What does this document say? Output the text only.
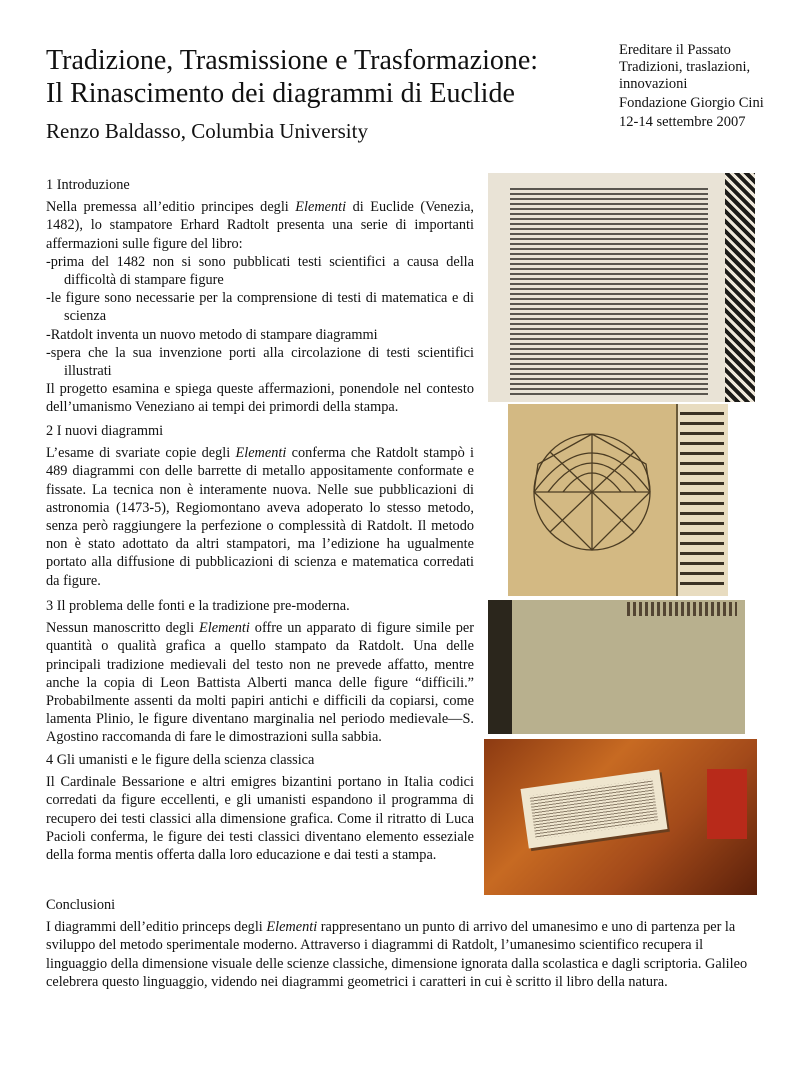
Tradizione, Trasmissione e Trasformazione:
Il Rinascimento dei diagrammi di Euclide
Renzo Baldasso, Columbia University
Ereditare il Passato
Tradizioni, traslazioni, innovazioni
Fondazione Giorgio Cini
12-14 settembre 2007
1 Introduzione

Nella premessa all’editio principes degli Elementi di Euclide (Venezia, 1482), lo stampatore Erhard Radtolt presenta una serie di importanti affermazioni sulle figure del libro:

-prima del 1482 non si sono pubblicati testi scientifici a causa della difficoltà di stampare figure
-le figure sono necessarie per la comprensione di testi di matematica e di scienza
-Ratdolt inventa un nuovo metodo di stampare diagrammi
-spera che la sua invenzione porti alla circolazione di testi scientifici illustrati

Il progetto esamina e spiega queste affermazioni, ponendole nel contesto dell’umanismo Veneziano ai tempi dei primordi della stampa.

2 I nuovi diagrammi

L’esame di svariate copie degli Elementi conferma che Ratdolt stampò i 489 diagrammi con delle barrette di metallo appositamente conformate e fissate. La tecnica non è interamente nuova. Nelle sue pubblicazioni di astronomia (1473-5), Regiomontano aveva adoperato lo stesso metodo, senza però raggiungere la perfezione o complessità di Ratdolt. Il metodo non è stato adottato da altri stampatori, ma l’edizione ha ugualmente portato alla diffusione di pubblicazioni di scienza e matematica corredati da figure.

3 Il problema delle fonti e la tradizione pre-moderna.

Nessun manoscritto degli Elementi offre un apparato di figure simile per quantità o qualità grafica a quello stampato da Ratdolt. Una delle principali tradizione medievali del testo non ne prevede affatto, mentre anche la copia di Leon Battista Alberti manca delle figure “difficili.” Probabilmente assenti da molti papiri antichi e difficili da copiarsi, come lamenta Plinio, le figure diventano marginalia nel periodo medievale—S. Agostino raccomanda di fare le dimostrazioni sulla sabbia.

4 Gli umanisti e le figure della scienza classica

Il Cardinale Bessarione e altri emigres bizantini portano in Italia codici corredati da figure eccellenti, e gli umanisti espandono il programma di recupero dei testi classici alla dimensione grafica. Come il ritratto di Luca Pacioli conferma, le figure dei testi classici diventano elemento esseziale della forma mentis offerta dalla loro educazione e dai testi a stampa.

Conclusioni

I diagrammi dell’editio princeps degli Elementi rappresentano un punto di arrivo del umanesimo e uno di partenza per la sviluppo del metodo sperimentale moderno. Attraverso i diagrammi di Ratdolt, l’umanesimo scientifico recupera il linguaggio della dimensione visuale delle scienze classiche, dimensione ignorata dalla scolastica e dagli scriptoria. Galileo celebrera questo linguaggio, videndo nei diagrammi geometrici i caratteri in cui è scritto il libro della natura.
